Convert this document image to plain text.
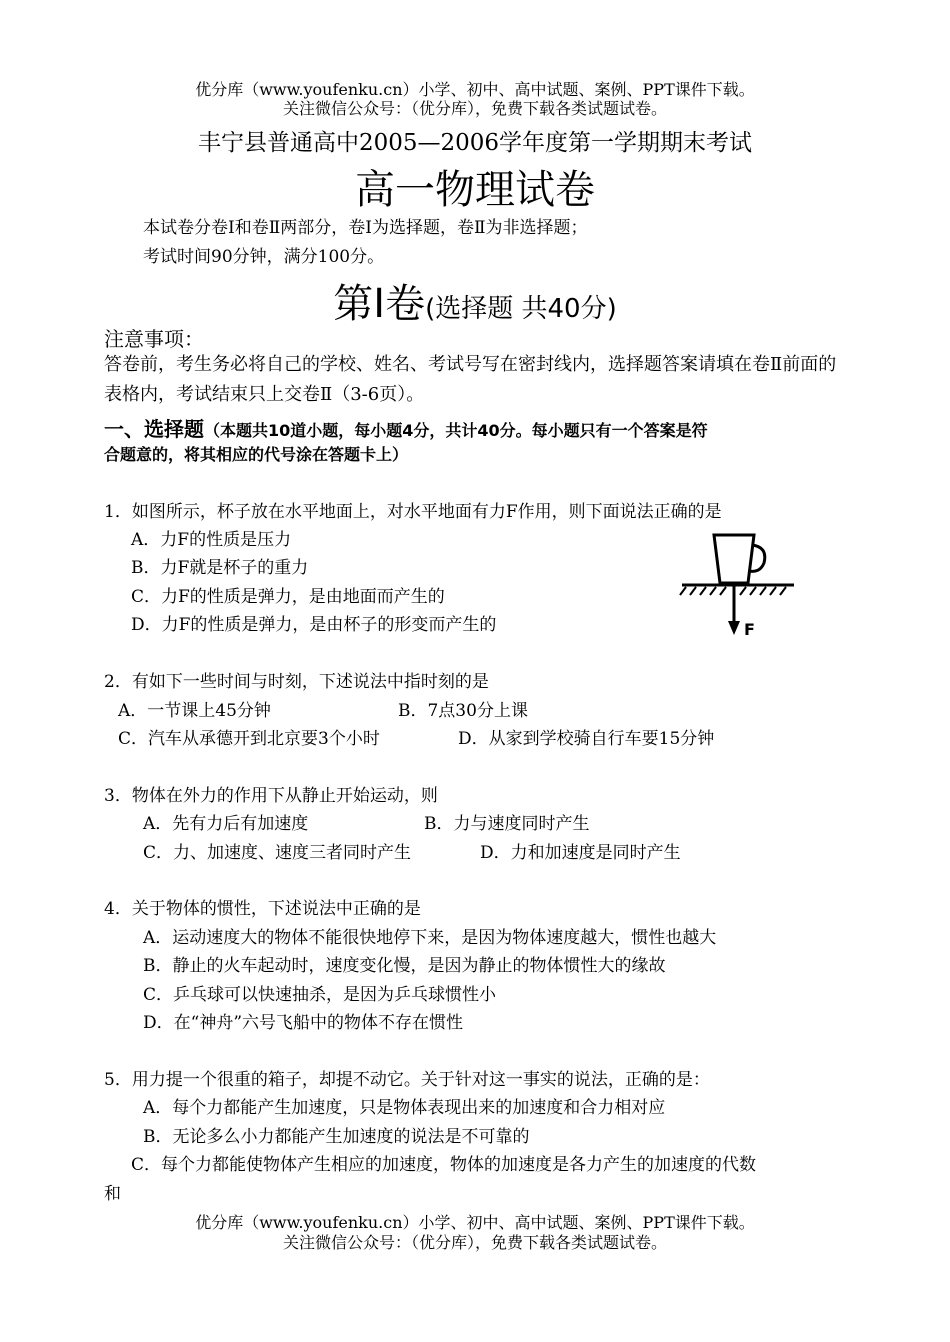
优分库（www.youfenku.cn）小学、初中、高中试题、案例、PPT课件下载。
关注微信公众号：（优分库），免费下载各类试题试卷。
丰宁县普通高中2005—2006学年度第一学期期末考试
高一物理试卷
本试卷分卷Ⅰ和卷Ⅱ两部分，卷Ⅰ为选择题，卷Ⅱ为非选择题；
考试时间90分钟，满分100分。
第Ⅰ卷(选择题 共40分)
注意事项：
答卷前，考生务必将自己的学校、姓名、考试号写在密封线内，选择题答案请填在卷Ⅱ前面的表格内，考试结束只上交卷Ⅱ（3-6页）。
一、选择题（本题共10道小题，每小题4分，共计40分。每小题只有一个答案是符
合题意的，将其相应的代号涂在答题卡上）
1．如图所示，杯子放在水平地面上，对水平地面有力F作用，则下面说法正确的是
A．力F的性质是压力
B．力F就是杯子的重力
C．力F的性质是弹力，是由地面而产生的
D．力F的性质是弹力，是由杯子的形变而产生的	F
2．有如下一些时间与时刻，下述说法中指时刻的是
A．一节课上45分钟	B．7点30分上课
C．汽车从承德开到北京要3个小时	D．从家到学校骑自行车要15分钟
3．物体在外力的作用下从静止开始运动，则
A．先有力后有加速度	B．力与速度同时产生
C．力、加速度、速度三者同时产生	D．力和加速度是同时产生
4．关于物体的惯性，下述说法中正确的是
A．运动速度大的物体不能很快地停下来，是因为物体速度越大，惯性也越大
B．静止的火车起动时，速度变化慢，是因为静止的物体惯性大的缘故
C．乒乓球可以快速抽杀，是因为乒乓球惯性小
D．在“神舟”六号飞船中的物体不存在惯性
5．用力提一个很重的箱子，却提不动它。关于针对这一事实的说法，正确的是：
A．每个力都能产生加速度，只是物体表现出来的加速度和合力相对应
B．无论多么小力都能产生加速度的说法是不可靠的
C．每个力都能使物体产生相应的加速度，物体的加速度是各力产生的加速度的代数
和
优分库（www.youfenku.cn）小学、初中、高中试题、案例、PPT课件下载。
关注微信公众号：（优分库），免费下载各类试题试卷。
